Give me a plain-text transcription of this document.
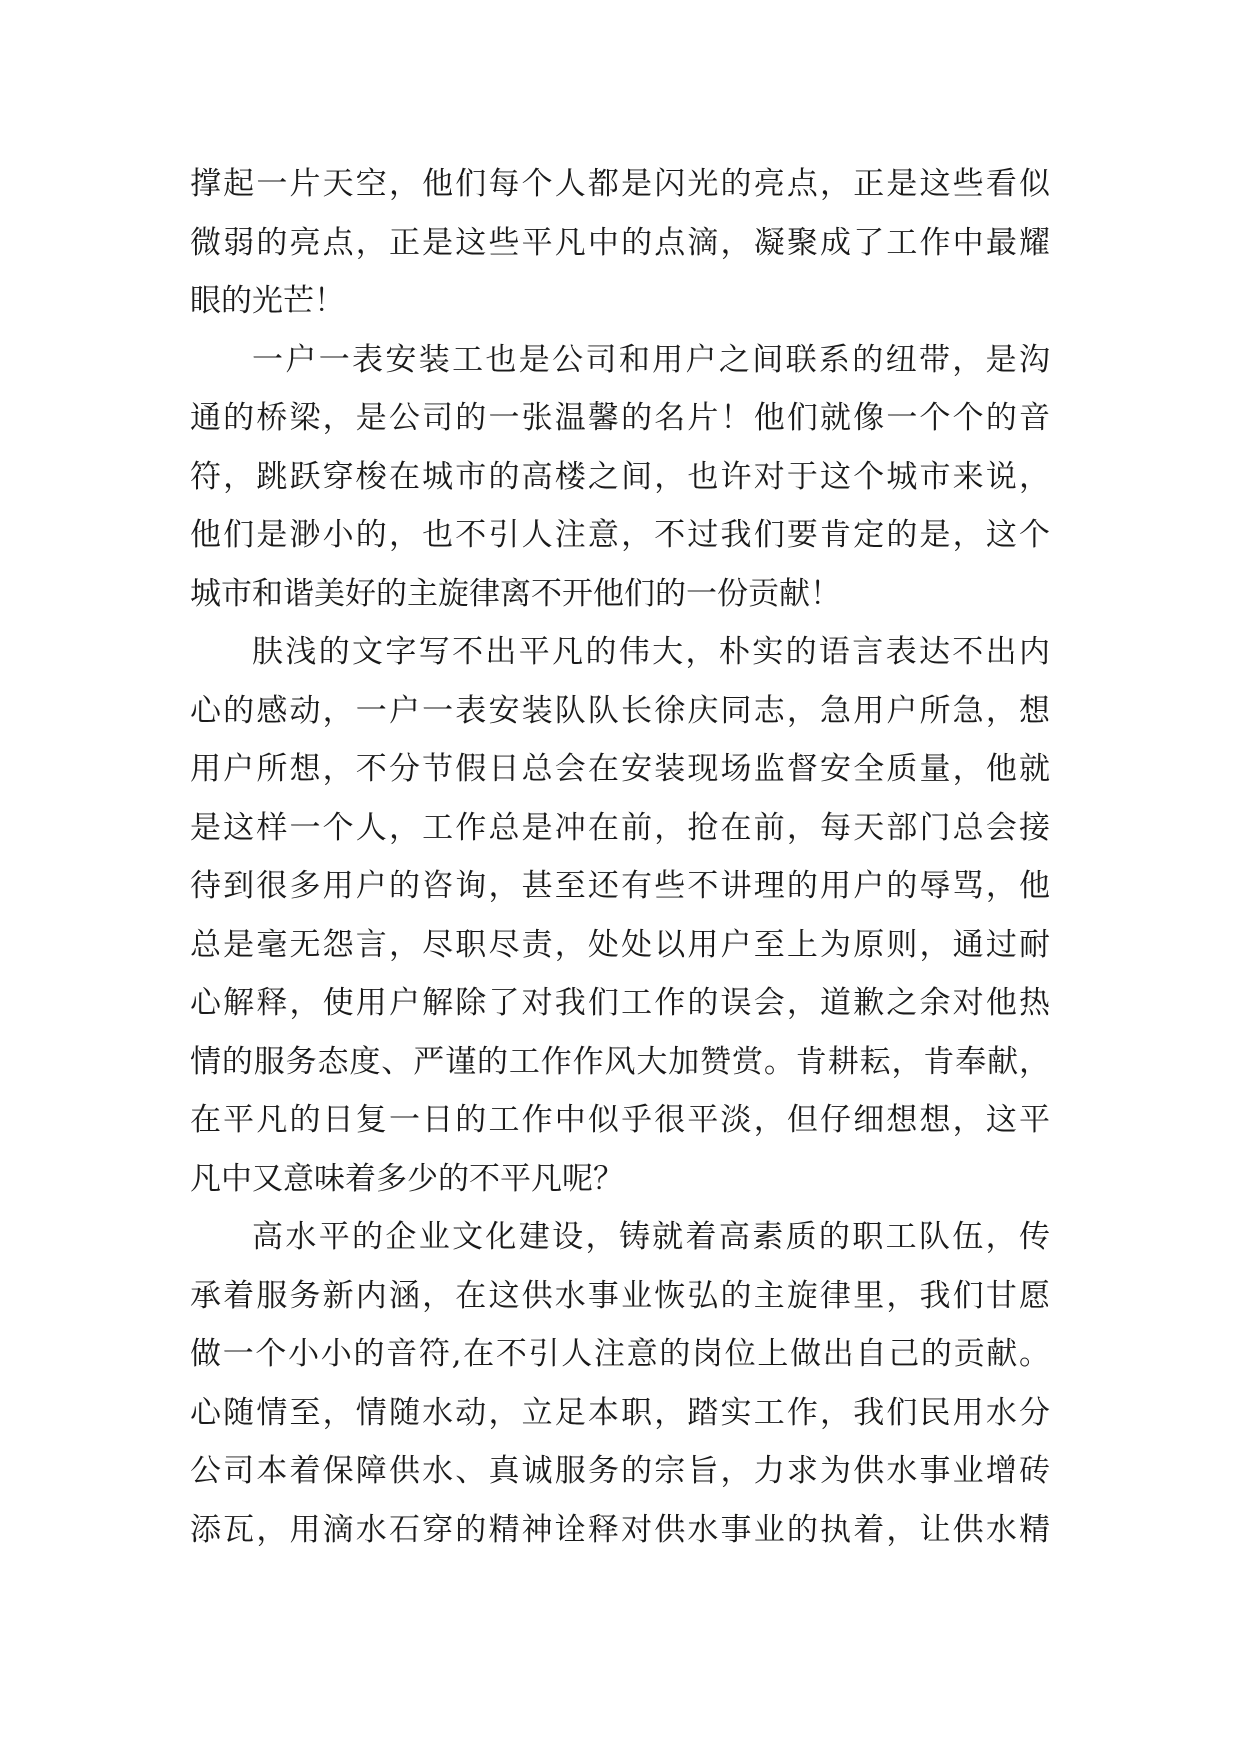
撑起一片天空，他们每个人都是闪光的亮点，正是这些看似
微弱的亮点，正是这些平凡中的点滴，凝聚成了工作中最耀
眼的光芒！
一户一表安装工也是公司和用户之间联系的纽带，是沟
通的桥梁，是公司的一张温馨的名片！他们就像一个个的音
符，跳跃穿梭在城市的高楼之间，也许对于这个城市来说，
他们是渺小的，也不引人注意，不过我们要肯定的是，这个
城市和谐美好的主旋律离不开他们的一份贡献！
肤浅的文字写不出平凡的伟大，朴实的语言表达不出内
心的感动，一户一表安装队队长徐庆同志，急用户所急，想
用户所想，不分节假日总会在安装现场监督安全质量，他就
是这样一个人，工作总是冲在前，抢在前，每天部门总会接
待到很多用户的咨询，甚至还有些不讲理的用户的辱骂，他
总是毫无怨言，尽职尽责，处处以用户至上为原则，通过耐
心解释，使用户解除了对我们工作的误会，道歉之余对他热
情的服务态度、严谨的工作作风大加赞赏。肯耕耘，肯奉献，
在平凡的日复一日的工作中似乎很平淡，但仔细想想，这平
凡中又意味着多少的不平凡呢？
高水平的企业文化建设，铸就着高素质的职工队伍，传
承着服务新内涵，在这供水事业恢弘的主旋律里，我们甘愿
做一个小小的音符,在不引人注意的岗位上做出自己的贡献。
心随情至，情随水动，立足本职，踏实工作，我们民用水分
公司本着保障供水、真诚服务的宗旨，力求为供水事业增砖
添瓦，用滴水石穿的精神诠释对供水事业的执着，让供水精
